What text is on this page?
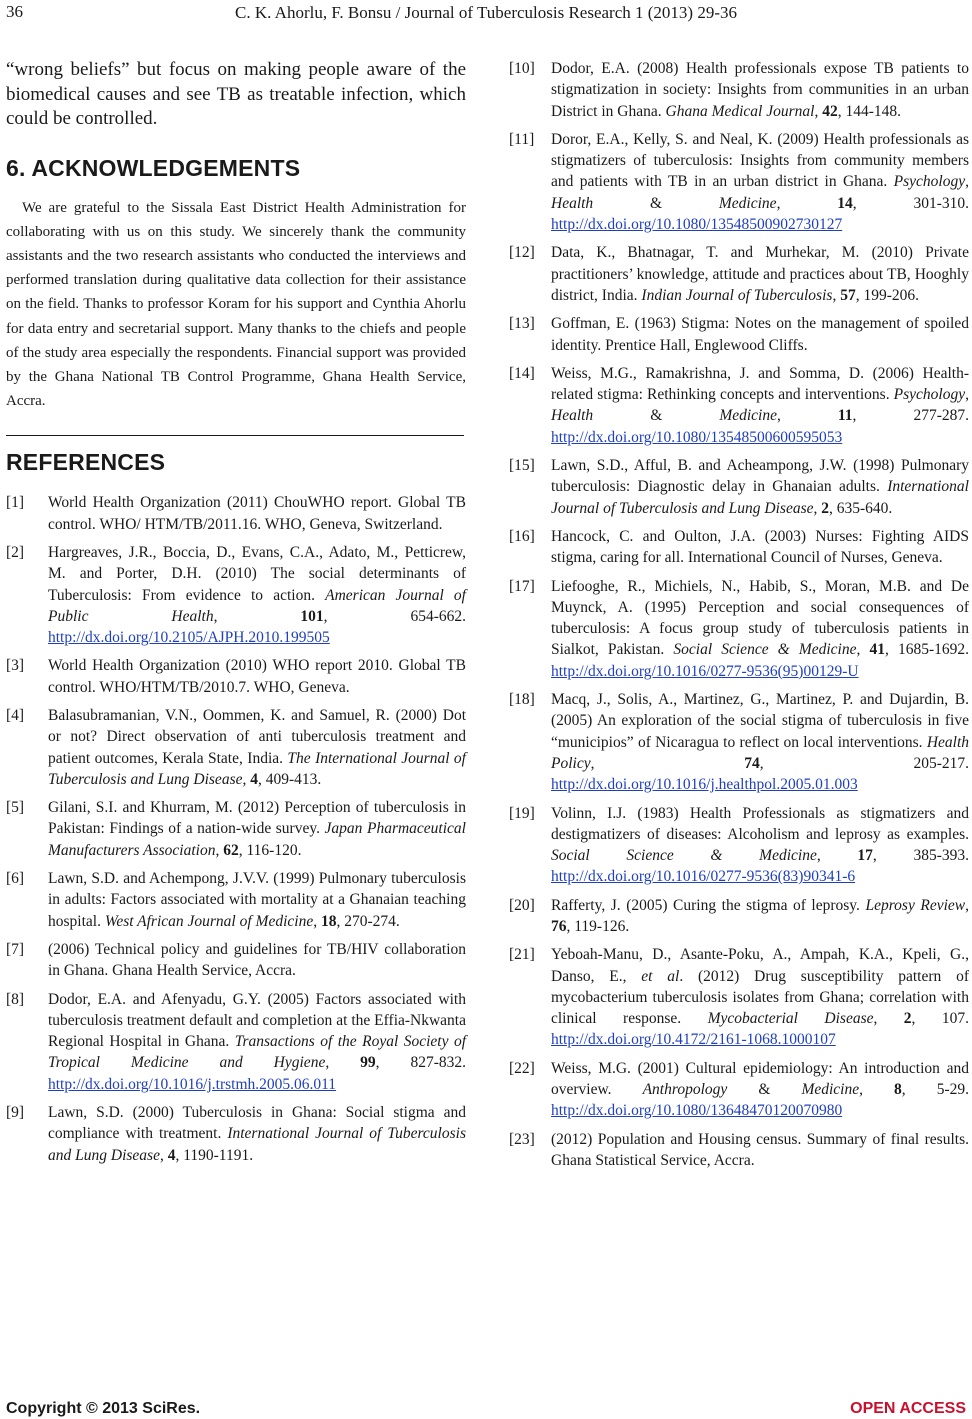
36	C. K. Ahorlu, F. Bonsu / Journal of Tuberculosis Research 1 (2013) 29-36

“wrong beliefs” but focus on making people aware of the biomedical causes and see TB as treatable infection, which could be controlled.

6. ACKNOWLEDGEMENTS

We are grateful to the Sissala East District Health Administration for collaborating with us on this study. We sincerely thank the community assistants and the two research assistants who conducted the interviews and performed translation during qualitative data collection for their assistance on the field. Thanks to professor Koram for his support and Cynthia Ahorlu for data entry and secretarial support. Many thanks to the chiefs and people of the study area especially the respondents. Financial support was provided by the Ghana National TB Control Programme, Ghana Health Service, Accra.

REFERENCES
[1]	World Health Organization (2011) ChouWHO report. Global TB control. WHO/ HTM/TB/2011.16. WHO, Geneva, Switzerland.
[2]	Hargreaves, J.R., Boccia, D., Evans, C.A., Adato, M., Petticrew, M. and Porter, D.H. (2010) The social determinants of Tuberculosis: From evidence to action. American Journal of Public Health, 101, 654-662. http://dx.doi.org/10.2105/AJPH.2010.199505
[3]	World Health Organization (2010) WHO report 2010. Global TB control. WHO/HTM/TB/2010.7. WHO, Geneva.
[4]	Balasubramanian, V.N., Oommen, K. and Samuel, R. (2000) Dot or not? Direct observation of anti tuberculosis treatment and patient outcomes, Kerala State, India. The International Journal of Tuberculosis and Lung Disease, 4, 409-413.
[5]	Gilani, S.I. and Khurram, M. (2012) Perception of tuberculosis in Pakistan: Findings of a nation-wide survey. Japan Pharmaceutical Manufacturers Association, 62, 116-120.
[6]	Lawn, S.D. and Achempong, J.V.V. (1999) Pulmonary tuberculosis in adults: Factors associated with mortality at a Ghanaian teaching hospital. West African Journal of Medicine, 18, 270-274.
[7]	(2006) Technical policy and guidelines for TB/HIV collaboration in Ghana. Ghana Health Service, Accra.
[8]	Dodor, E.A. and Afenyadu, G.Y. (2005) Factors associated with tuberculosis treatment default and completion at the Effia-Nkwanta Regional Hospital in Ghana. Transactions of the Royal Society of Tropical Medicine and Hygiene, 99, 827-832. http://dx.doi.org/10.1016/j.trstmh.2005.06.011
[9]	Lawn, S.D. (2000) Tuberculosis in Ghana: Social stigma and compliance with treatment. International Journal of Tuberculosis and Lung Disease, 4, 1190-1191.
[10]	Dodor, E.A. (2008) Health professionals expose TB patients to stigmatization in society: Insights from communities in an urban District in Ghana. Ghana Medical Journal, 42, 144-148.
[11]	Doror, E.A., Kelly, S. and Neal, K. (2009) Health professionals as stigmatizers of tuberculosis: Insights from community members and patients with TB in an urban district in Ghana. Psychology, Health & Medicine, 14, 301-310. http://dx.doi.org/10.1080/13548500902730127
[12]	Data, K., Bhatnagar, T. and Murhekar, M. (2010) Private practitioners’ knowledge, attitude and practices about TB, Hooghly district, India. Indian Journal of Tuberculosis, 57, 199-206.
[13]	Goffman, E. (1963) Stigma: Notes on the management of spoiled identity. Prentice Hall, Englewood Cliffs.
[14]	Weiss, M.G., Ramakrishna, J. and Somma, D. (2006) Health-related stigma: Rethinking concepts and interventions. Psychology, Health & Medicine, 11, 277-287. http://dx.doi.org/10.1080/13548500600595053
[15]	Lawn, S.D., Afful, B. and Acheampong, J.W. (1998) Pulmonary tuberculosis: Diagnostic delay in Ghanaian adults. International Journal of Tuberculosis and Lung Disease, 2, 635-640.
[16]	Hancock, C. and Oulton, J.A. (2003) Nurses: Fighting AIDS stigma, caring for all. International Council of Nurses, Geneva.
[17]	Liefooghe, R., Michiels, N., Habib, S., Moran, M.B. and De Muynck, A. (1995) Perception and social consequences of tuberculosis: A focus group study of tuberculosis patients in Sialkot, Pakistan. Social Science & Medicine, 41, 1685-1692. http://dx.doi.org/10.1016/0277-9536(95)00129-U
[18]	Macq, J., Solis, A., Martinez, G., Martinez, P. and Dujardin, B. (2005) An exploration of the social stigma of tuberculosis in five “municipios” of Nicaragua to reflect on local interventions. Health Policy, 74, 205-217. http://dx.doi.org/10.1016/j.healthpol.2005.01.003
[19]	Volinn, I.J. (1983) Health Professionals as stigmatizers and destigmatizers of diseases: Alcoholism and leprosy as examples. Social Science & Medicine, 17, 385-393. http://dx.doi.org/10.1016/0277-9536(83)90341-6
[20]	Rafferty, J. (2005) Curing the stigma of leprosy. Leprosy Review, 76, 119-126.
[21]	Yeboah-Manu, D., Asante-Poku, A., Ampah, K.A., Kpeli, G., Danso, E., et al. (2012) Drug susceptibility pattern of mycobacterium tuberculosis isolates from Ghana; correlation with clinical response. Mycobacterial Disease, 2, 107. http://dx.doi.org/10.4172/2161-1068.1000107
[22]	Weiss, M.G. (2001) Cultural epidemiology: An introduction and overview. Anthropology & Medicine, 8, 5-29. http://dx.doi.org/10.1080/13648470120070980
[23]	(2012) Population and Housing census. Summary of final results. Ghana Statistical Service, Accra.
Copyright © 2013 SciRes.	OPEN ACCESS
